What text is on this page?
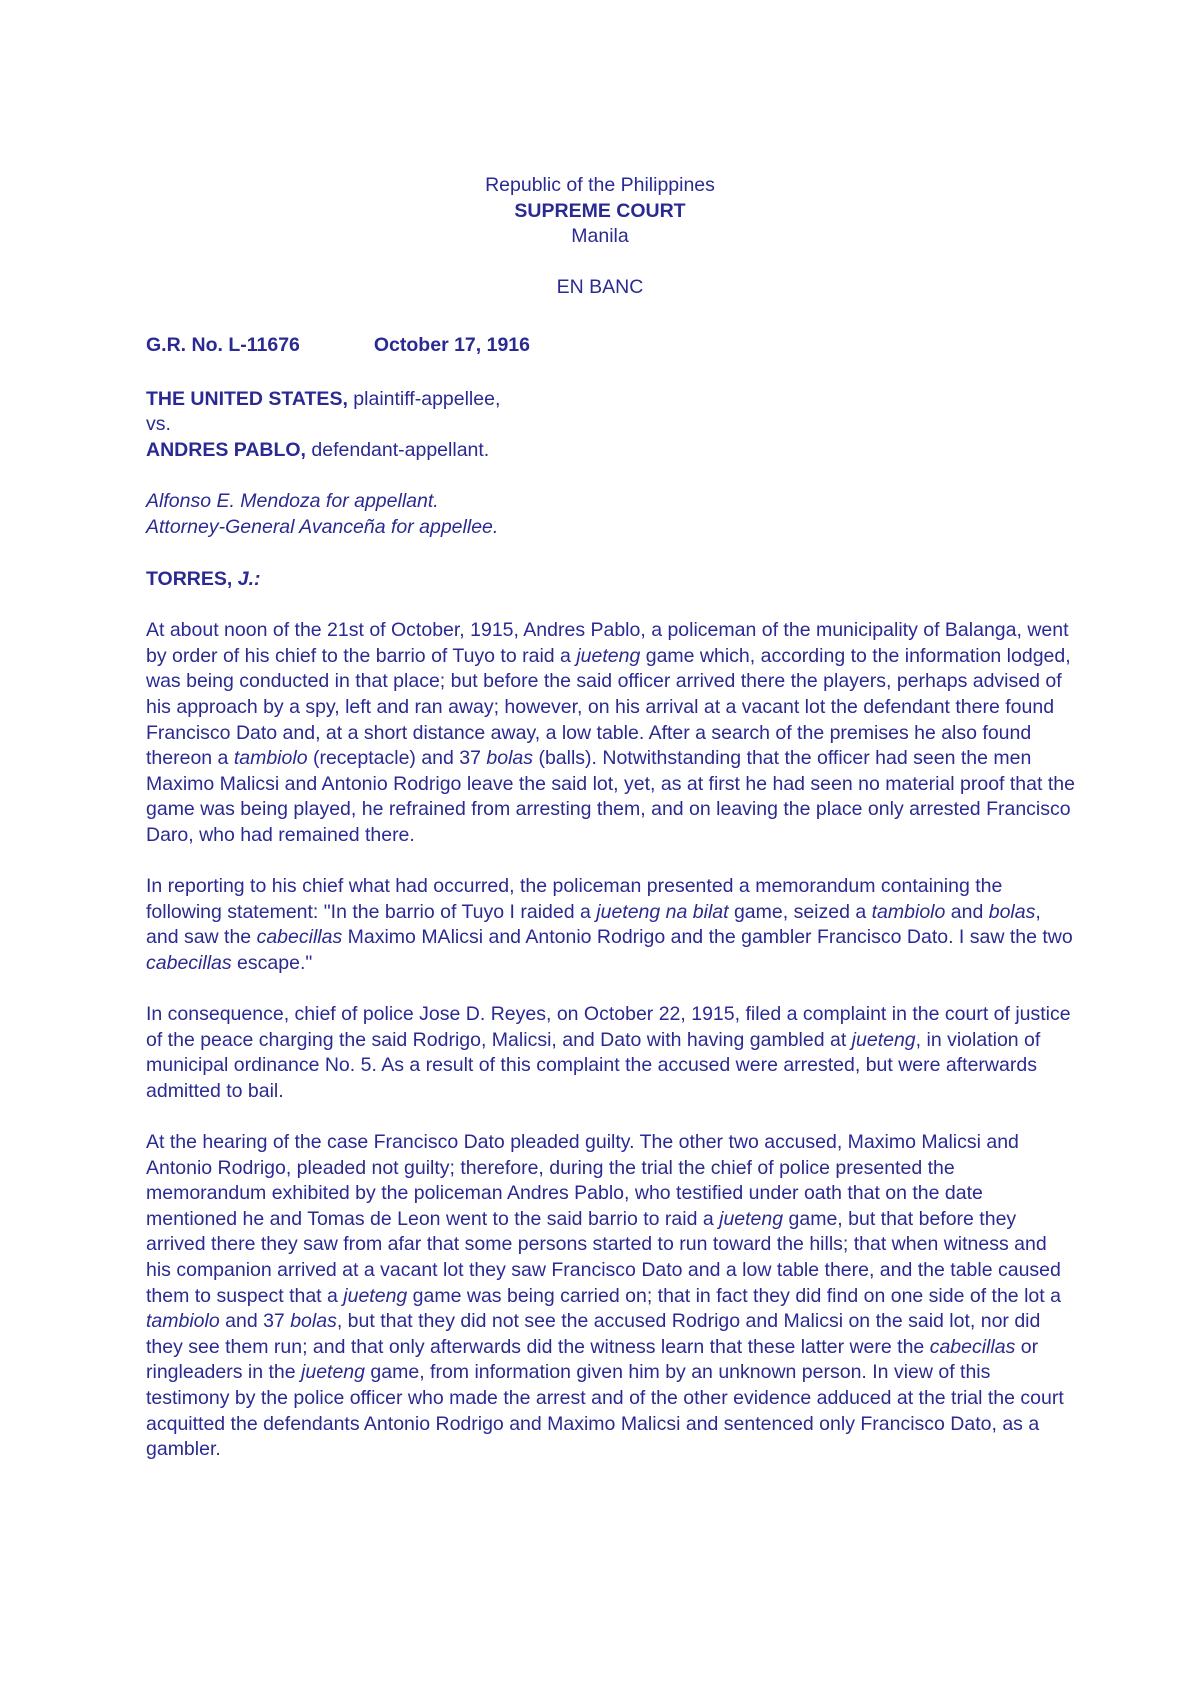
Republic of the Philippines
SUPREME COURT
Manila
EN BANC
G.R. No. L-11676	October 17, 1916
THE UNITED STATES, plaintiff-appellee,
vs.
ANDRES PABLO, defendant-appellant.
Alfonso E. Mendoza for appellant.
Attorney-General Avanceña for appellee.
TORRES, J.:

At about noon of the 21st of October, 1915, Andres Pablo, a policeman of the municipality of Balanga, went by order of his chief to the barrio of Tuyo to raid a jueteng game which, according to the information lodged, was being conducted in that place; but before the said officer arrived there the players, perhaps advised of his approach by a spy, left and ran away; however, on his arrival at a vacant lot the defendant there found Francisco Dato and, at a short distance away, a low table. After a search of the premises he also found thereon a tambiolo (receptacle) and 37 bolas (balls). Notwithstanding that the officer had seen the men Maximo Malicsi and Antonio Rodrigo leave the said lot, yet, as at first he had seen no material proof that the game was being played, he refrained from arresting them, and on leaving the place only arrested Francisco Daro, who had remained there.

In reporting to his chief what had occurred, the policeman presented a memorandum containing the following statement: "In the barrio of Tuyo I raided a jueteng na bilat game, seized a tambiolo and bolas, and saw the cabecillas Maximo MAlicsi and Antonio Rodrigo and the gambler Francisco Dato. I saw the two cabecillas escape."

In consequence, chief of police Jose D. Reyes, on October 22, 1915, filed a complaint in the court of justice of the peace charging the said Rodrigo, Malicsi, and Dato with having gambled at jueteng, in violation of municipal ordinance No. 5. As a result of this complaint the accused were arrested, but were afterwards admitted to bail.

At the hearing of the case Francisco Dato pleaded guilty. The other two accused, Maximo Malicsi and Antonio Rodrigo, pleaded not guilty; therefore, during the trial the chief of police presented the memorandum exhibited by the policeman Andres Pablo, who testified under oath that on the date mentioned he and Tomas de Leon went to the said barrio to raid a jueteng game, but that before they arrived there they saw from afar that some persons started to run toward the hills; that when witness and his companion arrived at a vacant lot they saw Francisco Dato and a low table there, and the table caused them to suspect that a jueteng game was being carried on; that in fact they did find on one side of the lot a tambiolo and 37 bolas, but that they did not see the accused Rodrigo and Malicsi on the said lot, nor did they see them run; and that only afterwards did the witness learn that these latter were the cabecillas or ringleaders in the jueteng game, from information given him by an unknown person. In view of this testimony by the police officer who made the arrest and of the other evidence adduced at the trial the court acquitted the defendants Antonio Rodrigo and Maximo Malicsi and sentenced only Francisco Dato, as a gambler.
